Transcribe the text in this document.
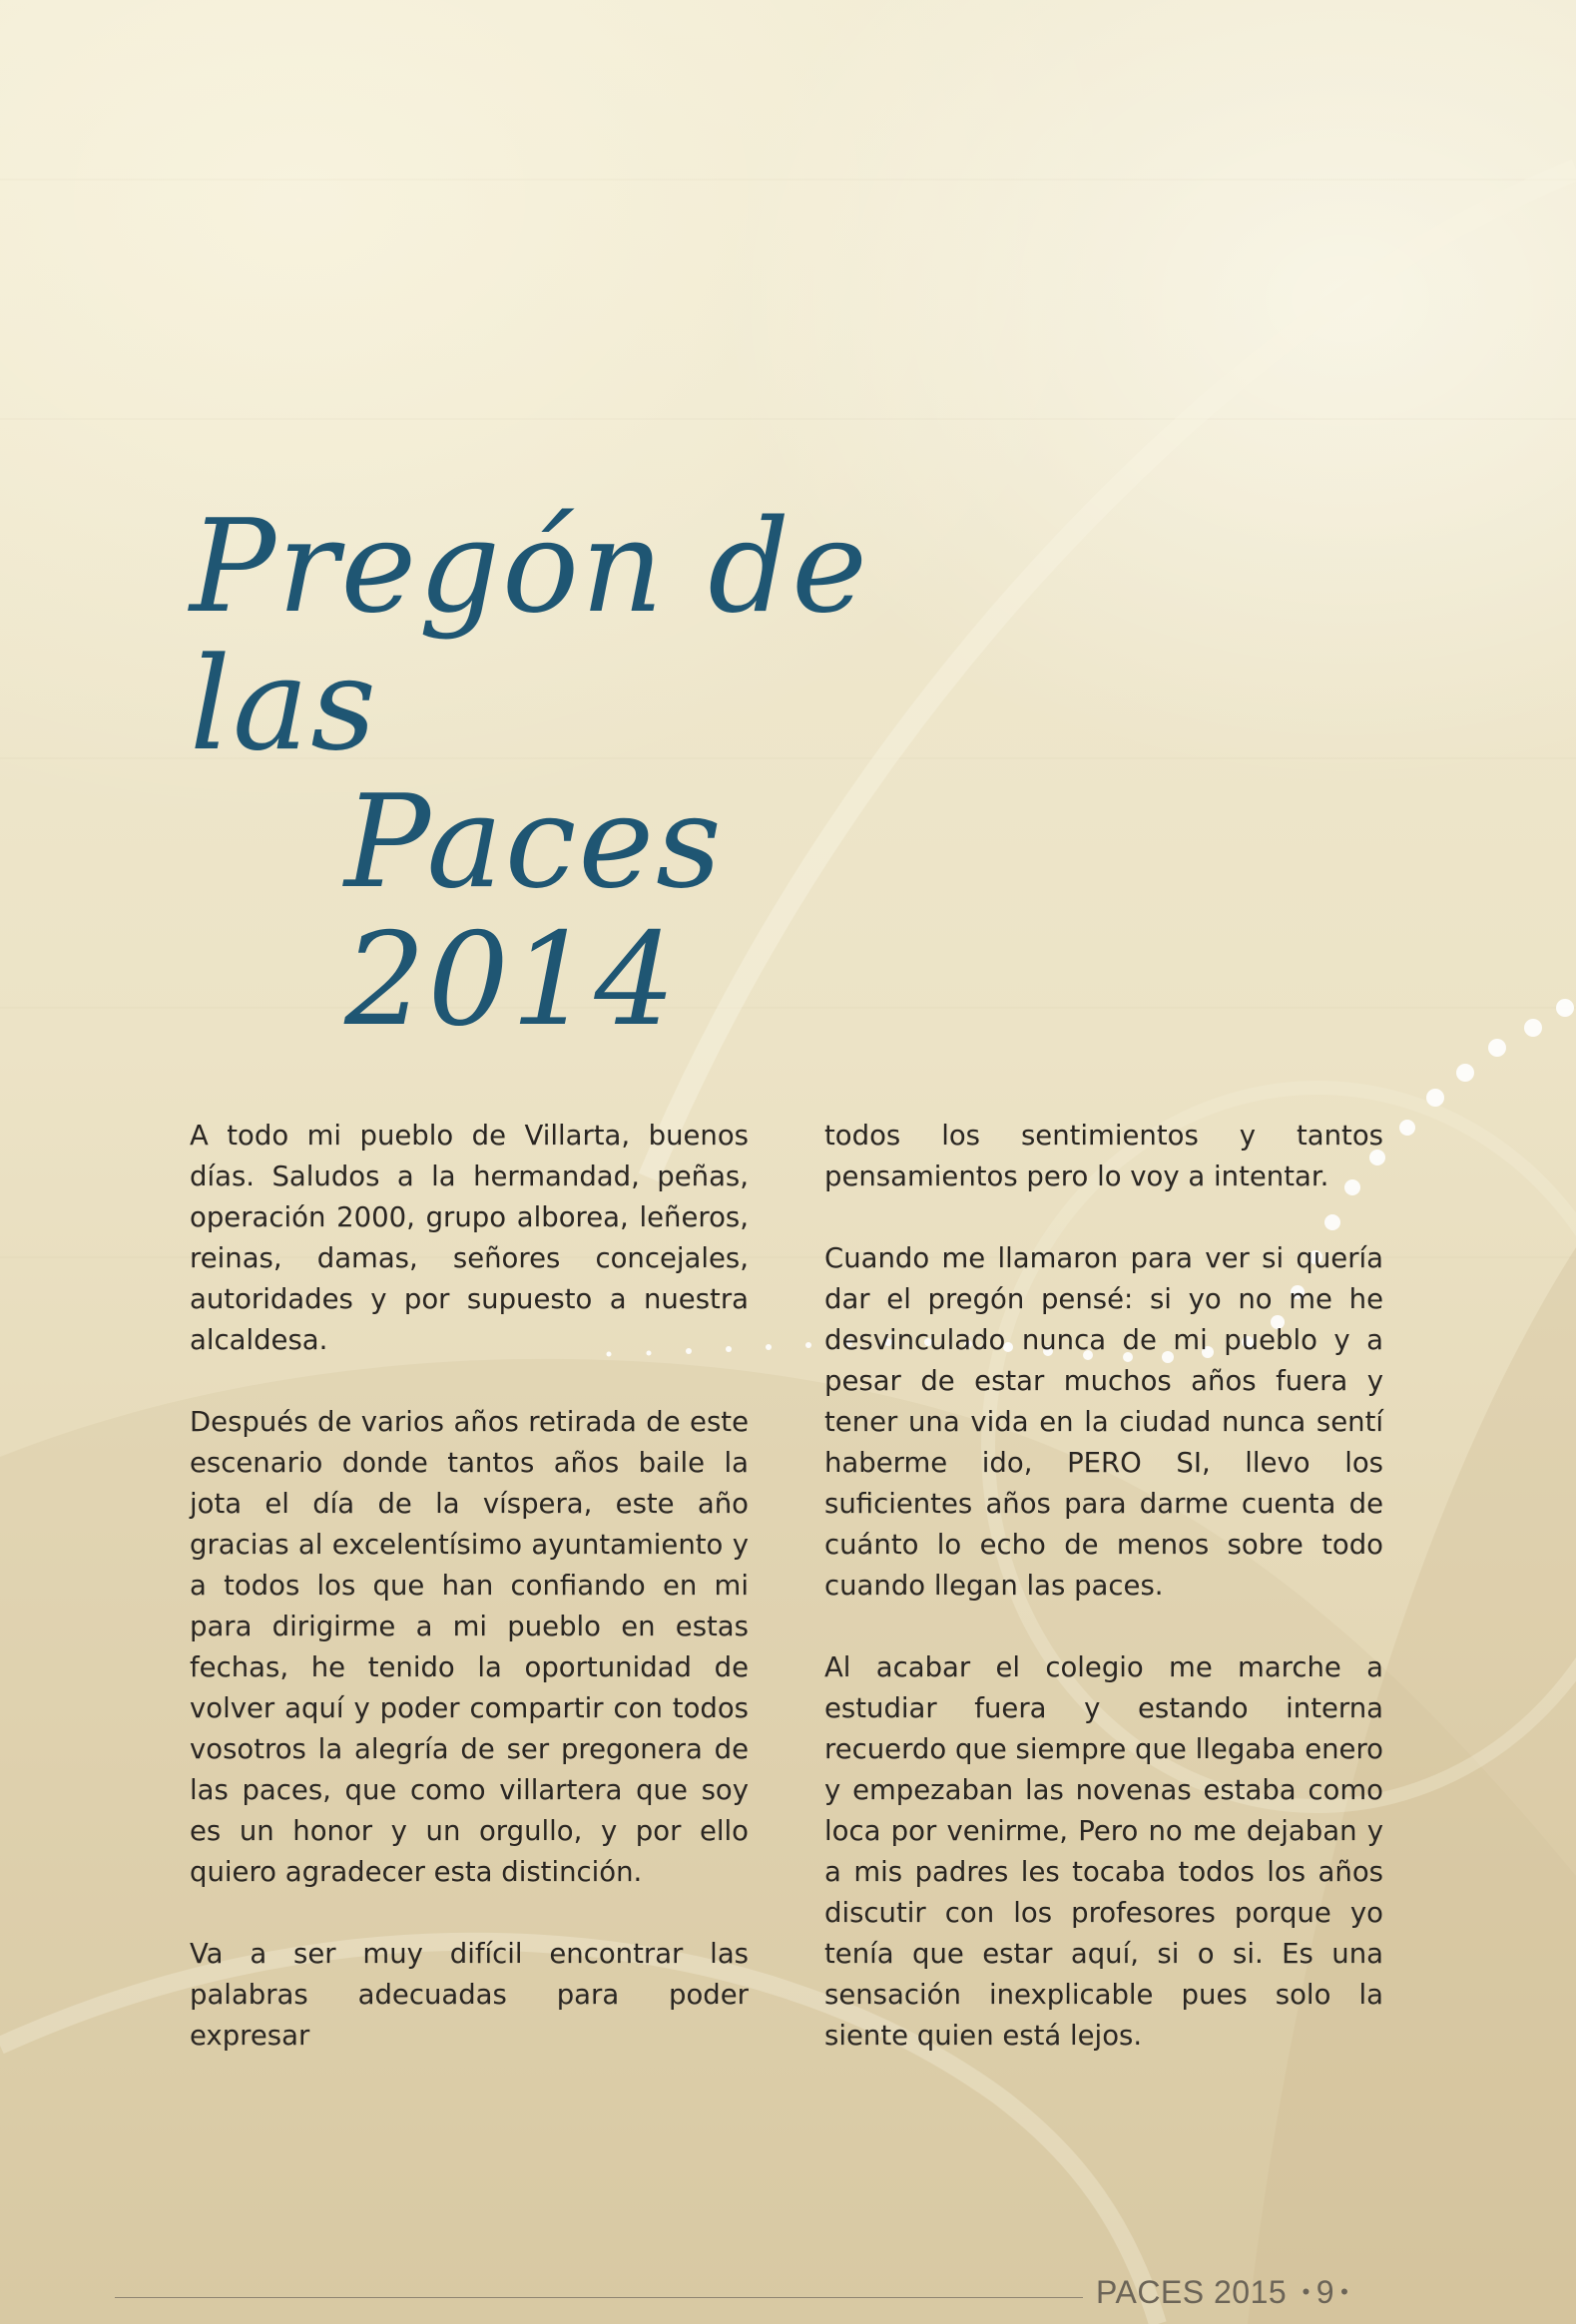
Pregón de las
Paces 2014

A todo mi pueblo de Villarta, buenos días. Saludos a la hermandad, peñas, operación 2000, grupo alborea, leñeros, reinas, damas, señores concejales, autoridades y por supuesto a nuestra alcaldesa.

Después de varios años retirada de este escenario donde tantos años baile la jota el día de la víspera, este año gracias al excelentísimo ayuntamiento y a todos los que han confiando en mi para dirigirme a mi pueblo en estas fechas, he tenido la oportunidad de volver aquí y poder compartir con todos vosotros la alegría de ser pregonera de las paces, que como villartera que soy es un honor y un orgullo, y por ello quiero agradecer esta distinción.

Va a ser muy difícil encontrar las palabras adecuadas para poder expresar

todos los sentimientos y tantos pensamientos pero lo voy a intentar.

Cuando me llamaron para ver si quería dar el pregón pensé: si yo no me he desvinculado nunca de mi pueblo y a pesar de estar muchos años fuera y tener una vida en la ciudad nunca sentí haberme ido, PERO SI, llevo los suficientes años para darme cuenta de cuánto lo echo de menos sobre todo cuando llegan las paces.

Al acabar el colegio me marche a estudiar fuera y estando interna recuerdo que siempre que llegaba enero y empezaban las novenas estaba como loca por venirme, Pero no me dejaban y a mis padres les tocaba todos los años discutir con los profesores porque yo tenía que estar aquí, si o si. Es una sensación inexplicable pues solo la siente quien está lejos.

PACES 2015 • 9 •
